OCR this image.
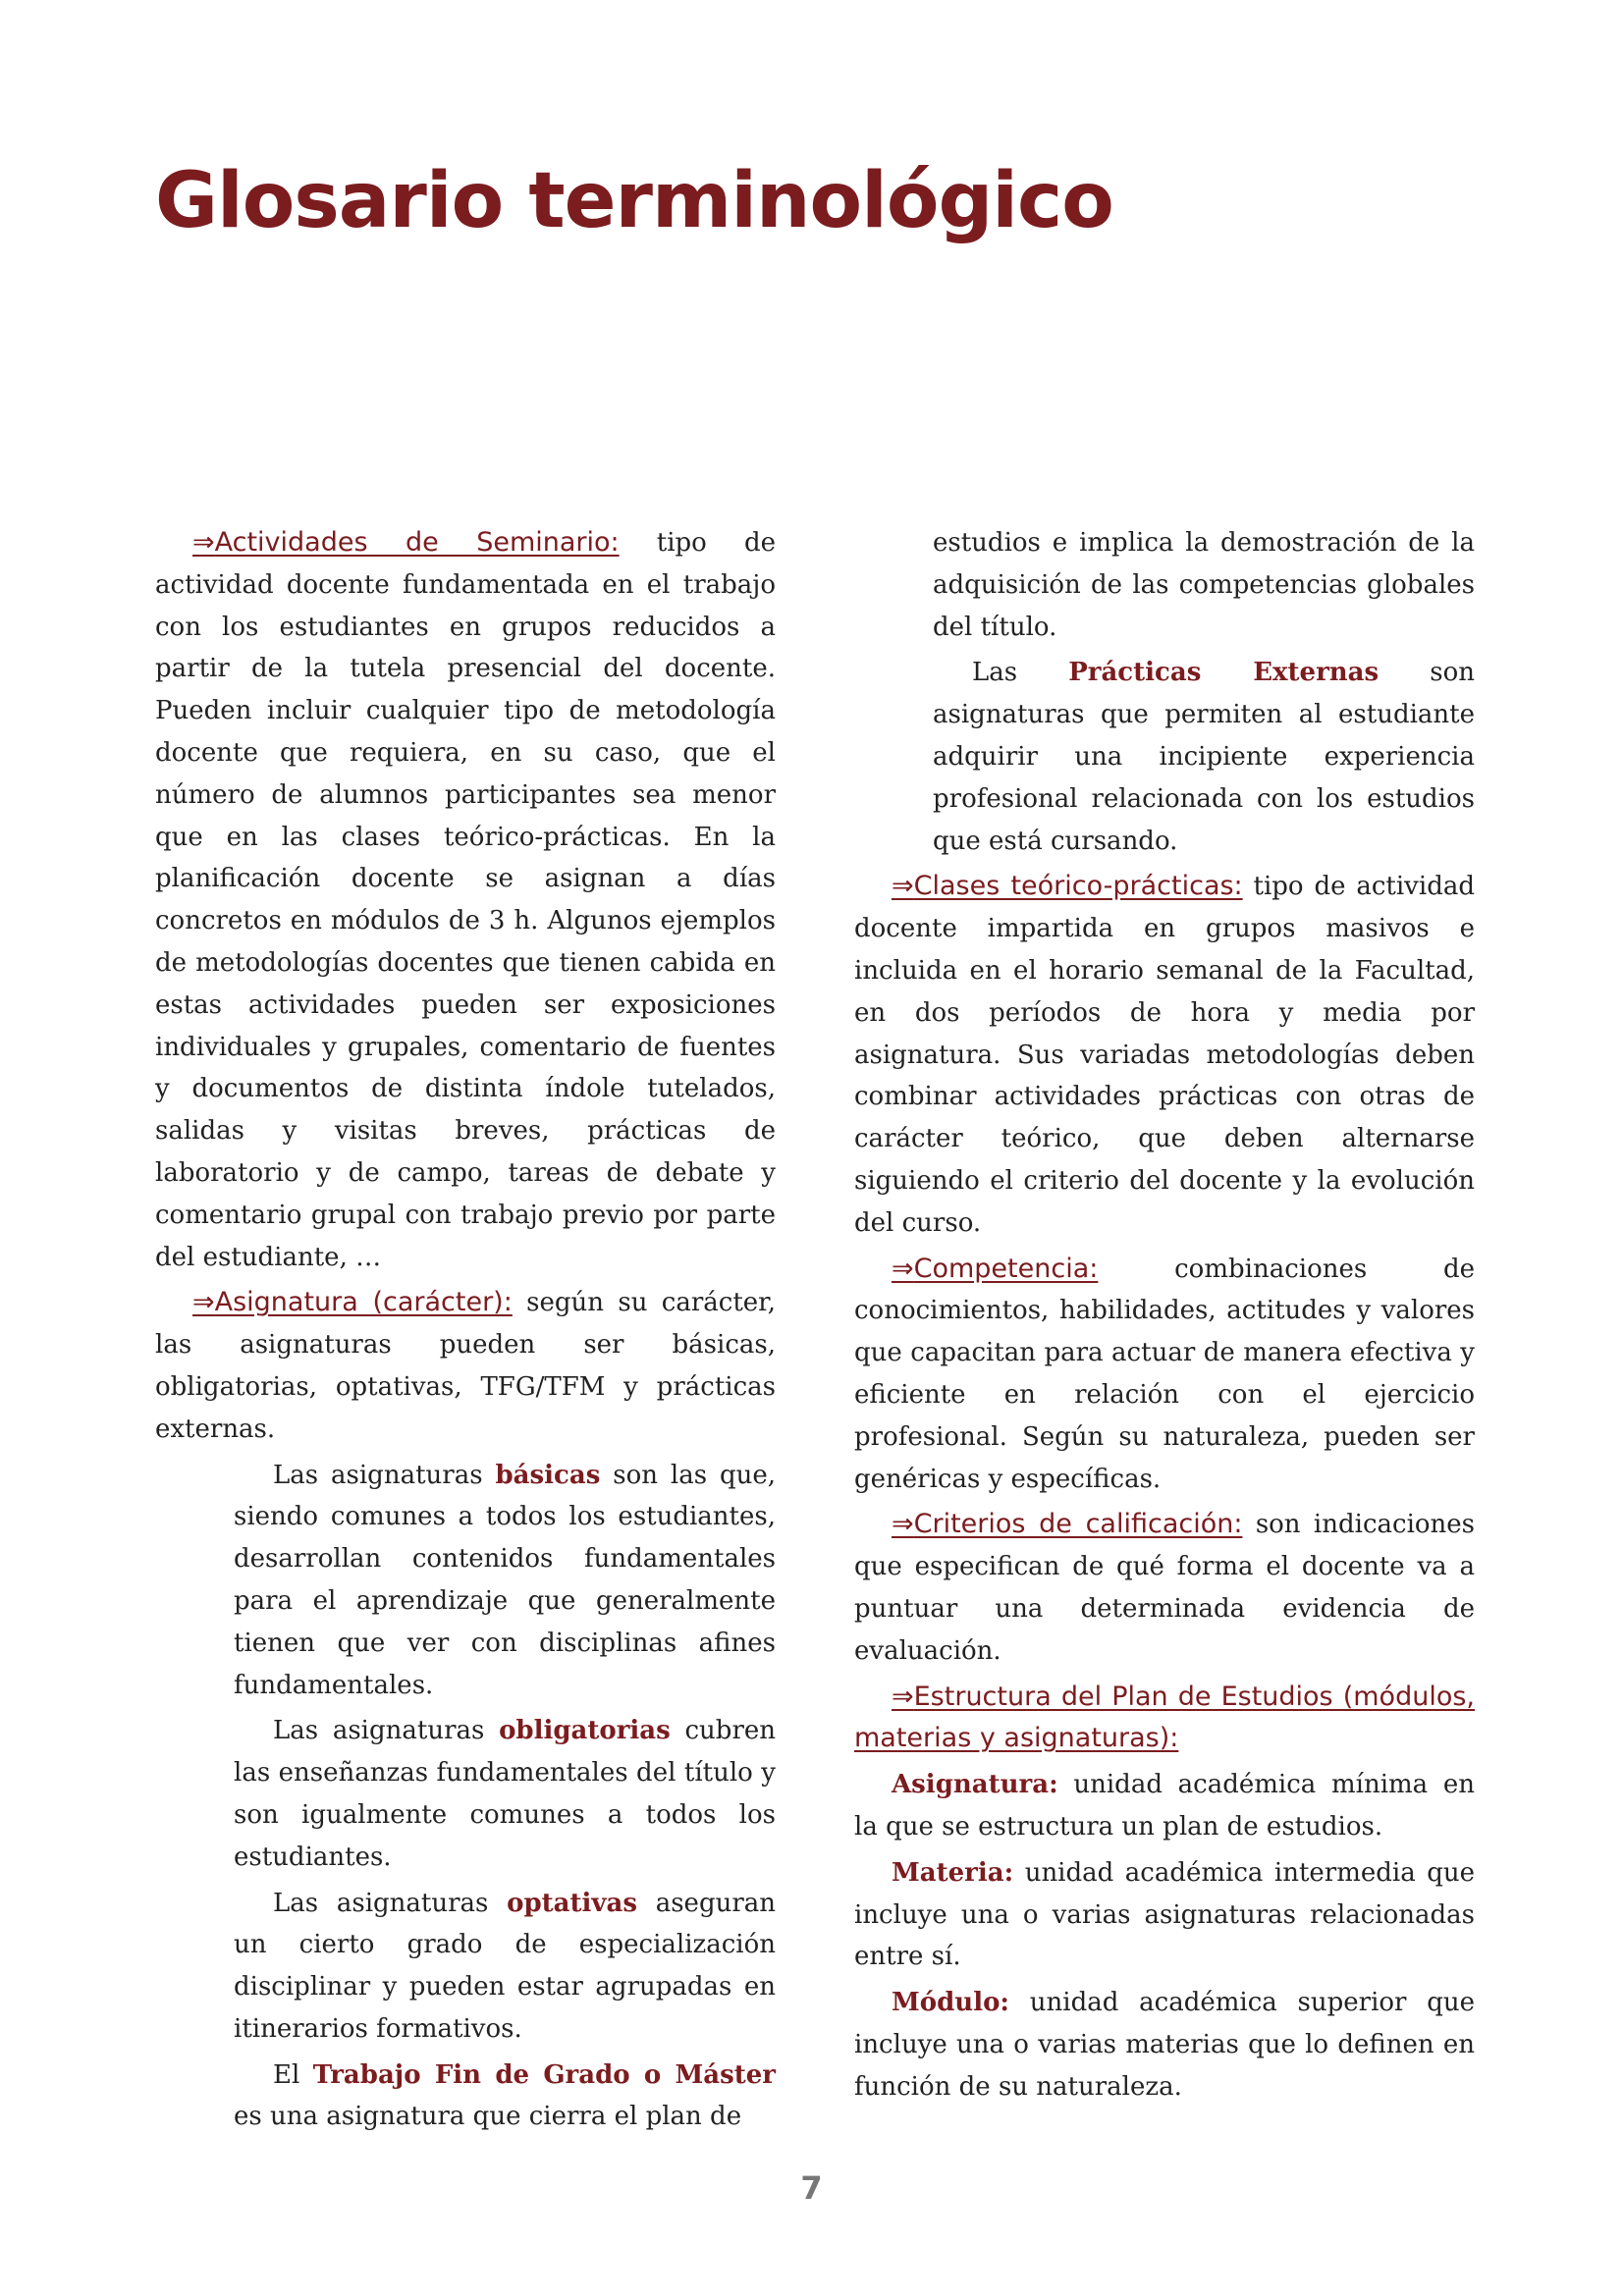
Glosario terminológico

⇒Actividades de Seminario: tipo de actividad docente fundamentada en el trabajo con los estudiantes en grupos reducidos a partir de la tutela presencial del docente. Pueden incluir cualquier tipo de metodología docente que requiera, en su caso, que el número de alumnos participantes sea menor que en las clases teórico-prácticas. En la planificación docente se asignan a días concretos en módulos de 3 h. Algunos ejemplos de metodologías docentes que tienen cabida en estas actividades pueden ser exposiciones individuales y grupales, comentario de fuentes y documentos de distinta índole tutelados, salidas y visitas breves, prácticas de laboratorio y de campo, tareas de debate y comentario grupal con trabajo previo por parte del estudiante, …

⇒Asignatura (carácter): según su carácter, las asignaturas pueden ser básicas, obligatorias, optativas, TFG/TFM y prácticas externas.

Las asignaturas básicas son las que, siendo comunes a todos los estudiantes, desarrollan contenidos fundamentales para el aprendizaje que generalmente tienen que ver con disciplinas afines fundamentales.

Las asignaturas obligatorias cubren las enseñanzas fundamentales del título y son igualmente comunes a todos los estudiantes.

Las asignaturas optativas aseguran un cierto grado de especialización disciplinar y pueden estar agrupadas en itinerarios formativos.

El Trabajo Fin de Grado o Máster es una asignatura que cierra el plan de

estudios e implica la demostración de la adquisición de las competencias globales del título.

Las Prácticas Externas son asignaturas que permiten al estudiante adquirir una incipiente experiencia profesional relacionada con los estudios que está cursando.

⇒Clases teórico-prácticas: tipo de actividad docente impartida en grupos masivos e incluida en el horario semanal de la Facultad, en dos períodos de hora y media por asignatura. Sus variadas metodologías deben combinar actividades prácticas con otras de carácter teórico, que deben alternarse siguiendo el criterio del docente y la evolución del curso.

⇒Competencia: combinaciones de conocimientos, habilidades, actitudes y valores que capacitan para actuar de manera efectiva y eficiente en relación con el ejercicio profesional. Según su naturaleza, pueden ser genéricas y específicas.

⇒Criterios de calificación: son indicaciones que especifican de qué forma el docente va a puntuar una determinada evidencia de evaluación.

⇒Estructura del Plan de Estudios (módulos, materias y asignaturas):

Asignatura: unidad académica mínima en la que se estructura un plan de estudios.

Materia: unidad académica intermedia que incluye una o varias asignaturas relacionadas entre sí.

Módulo: unidad académica superior que incluye una o varias materias que lo definen en función de su naturaleza.

7
